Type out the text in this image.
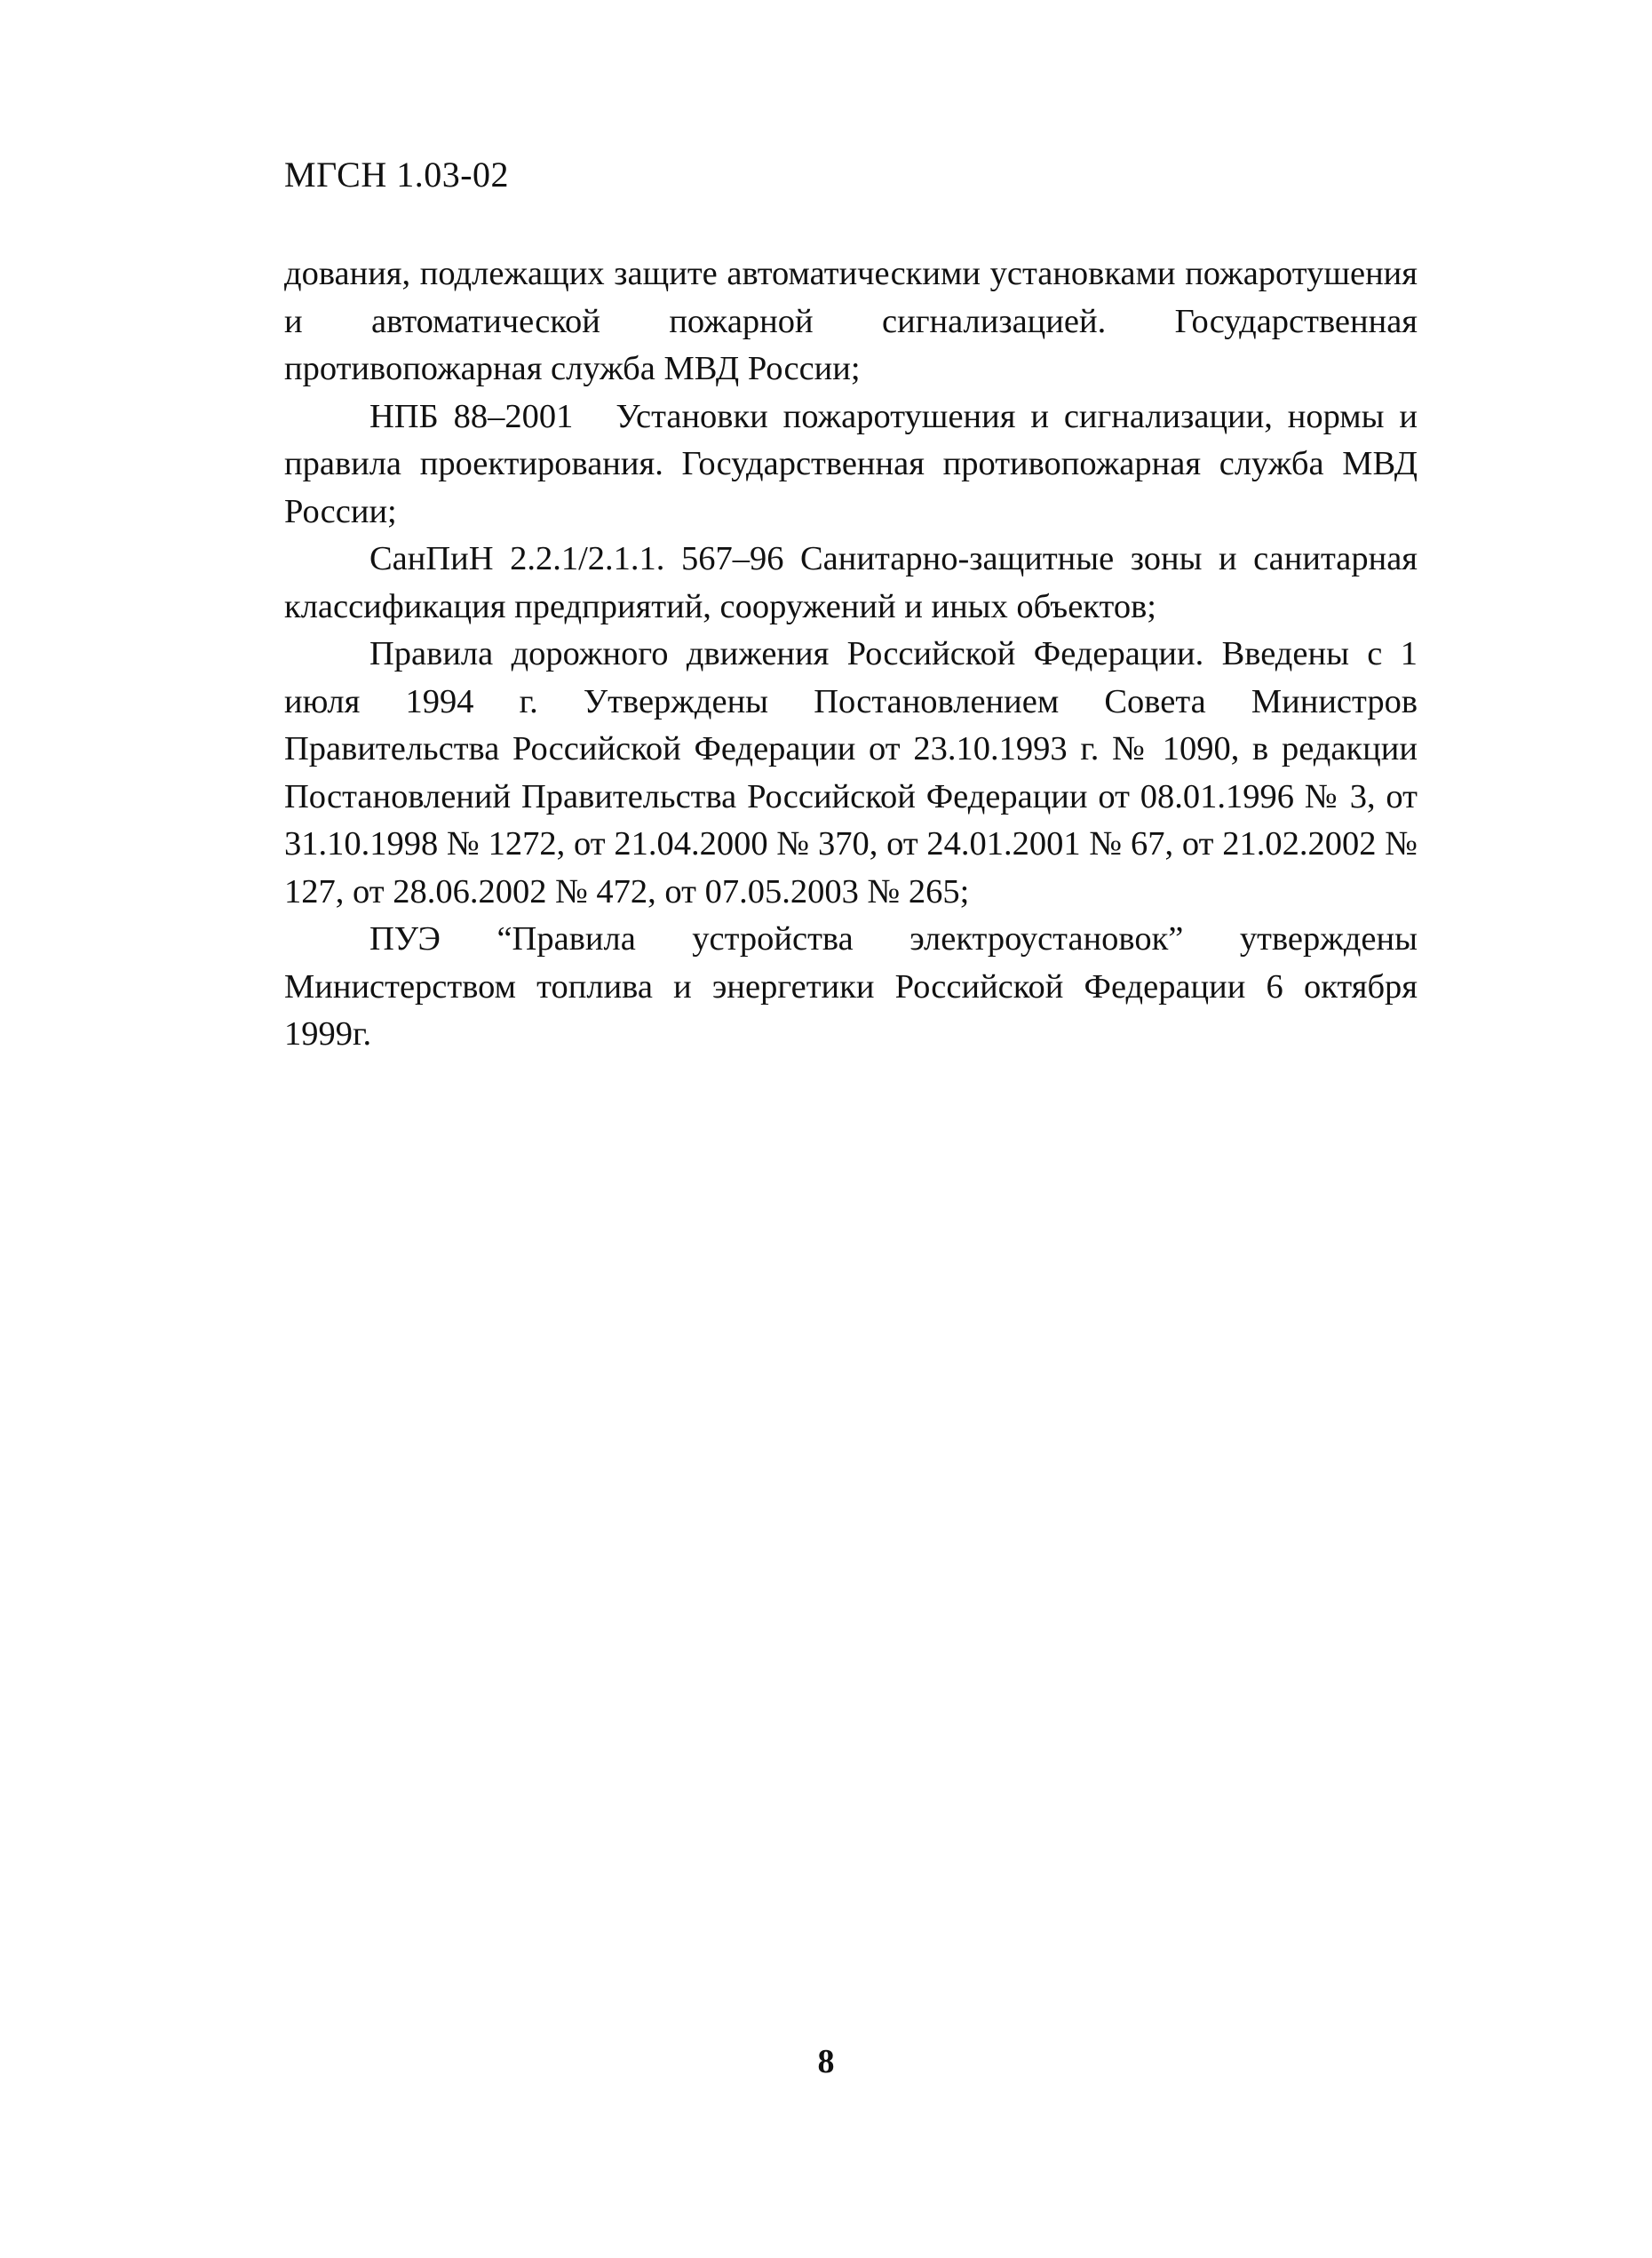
МГСН 1.03-02

дования, подлежащих защите автоматическими установками пожаротушения и автоматической пожарной сигнализацией. Государственная противопожарная служба МВД России;

НПБ 88–2001 Установки пожаротушения и сигнализации, нормы и правила проектирования. Государственная противопожарная служба МВД России;

СанПиН 2.2.1/2.1.1. 567–96 Санитарно-защитные зоны и санитарная классификация предприятий, сооружений и иных объектов;

Правила дорожного движения Российской Федерации. Введены с 1 июля 1994 г. Утверждены Постановлением Совета Министров Правительства Российской Федерации от 23.10.1993 г. № 1090, в редакции Постановлений Правительства Российской Федерации от 08.01.1996 № 3, от 31.10.1998 № 1272, от 21.04.2000 № 370, от 24.01.2001 № 67, от 21.02.2002 № 127, от 28.06.2002 № 472, от 07.05.2003 № 265;

ПУЭ “Правила устройства электроустановок” утверждены Министерством топлива и энергетики Российской Федерации 6 октября 1999г.

8
